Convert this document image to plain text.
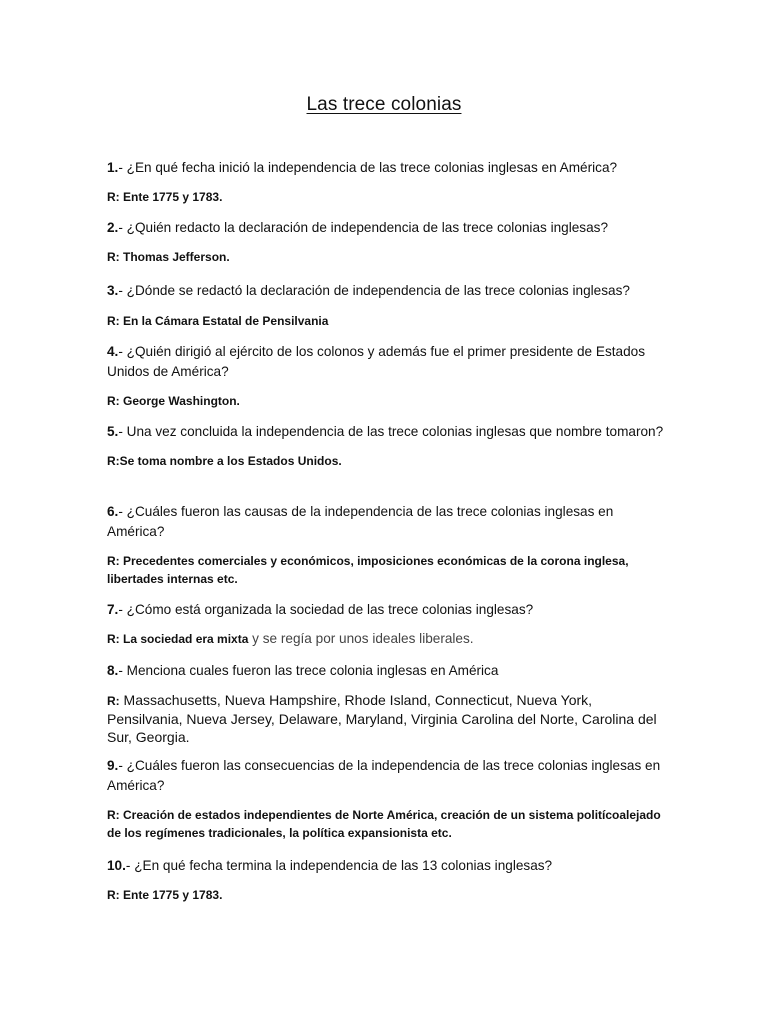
Las trece colonias

1.- ¿En qué fecha inició la independencia de las trece colonias inglesas en América?

R: Ente 1775 y 1783.

2.- ¿Quién redacto la declaración de independencia de las trece colonias inglesas?

R: Thomas Jefferson.

3.- ¿Dónde se redactó la declaración de independencia de las trece colonias inglesas?

R: En la Cámara Estatal de Pensilvania

4.- ¿Quién dirigió al ejército de los colonos y además fue el primer presidente de Estados Unidos de América?

R: George Washington.

5.- Una vez concluida la independencia de las trece colonias inglesas que nombre tomaron?

R:Se toma nombre a los Estados Unidos.

6.- ¿Cuáles fueron las causas de la independencia de las trece colonias inglesas en América?

R: Precedentes comerciales y económicos, imposiciones económicas de la corona inglesa, libertades internas etc.

7.- ¿Cómo está organizada la sociedad de las trece colonias inglesas?

R: La sociedad era mixta y se regía por unos ideales liberales.

8.- Menciona cuales fueron las trece colonia inglesas en América

R: Massachusetts, Nueva Hampshire, Rhode Island, Connecticut, Nueva York, Pensilvania, Nueva Jersey, Delaware, Maryland, Virginia Carolina del Norte, Carolina del Sur, Georgia.

9.- ¿Cuáles fueron las consecuencias de la independencia de las trece colonias inglesas en América?

R: Creación de estados independientes de Norte América, creación de un sistema politícoalejado de los regímenes tradicionales, la política expansionista etc.

10.- ¿En qué fecha termina la independencia de las 13 colonias inglesas?

R: Ente 1775 y 1783.
